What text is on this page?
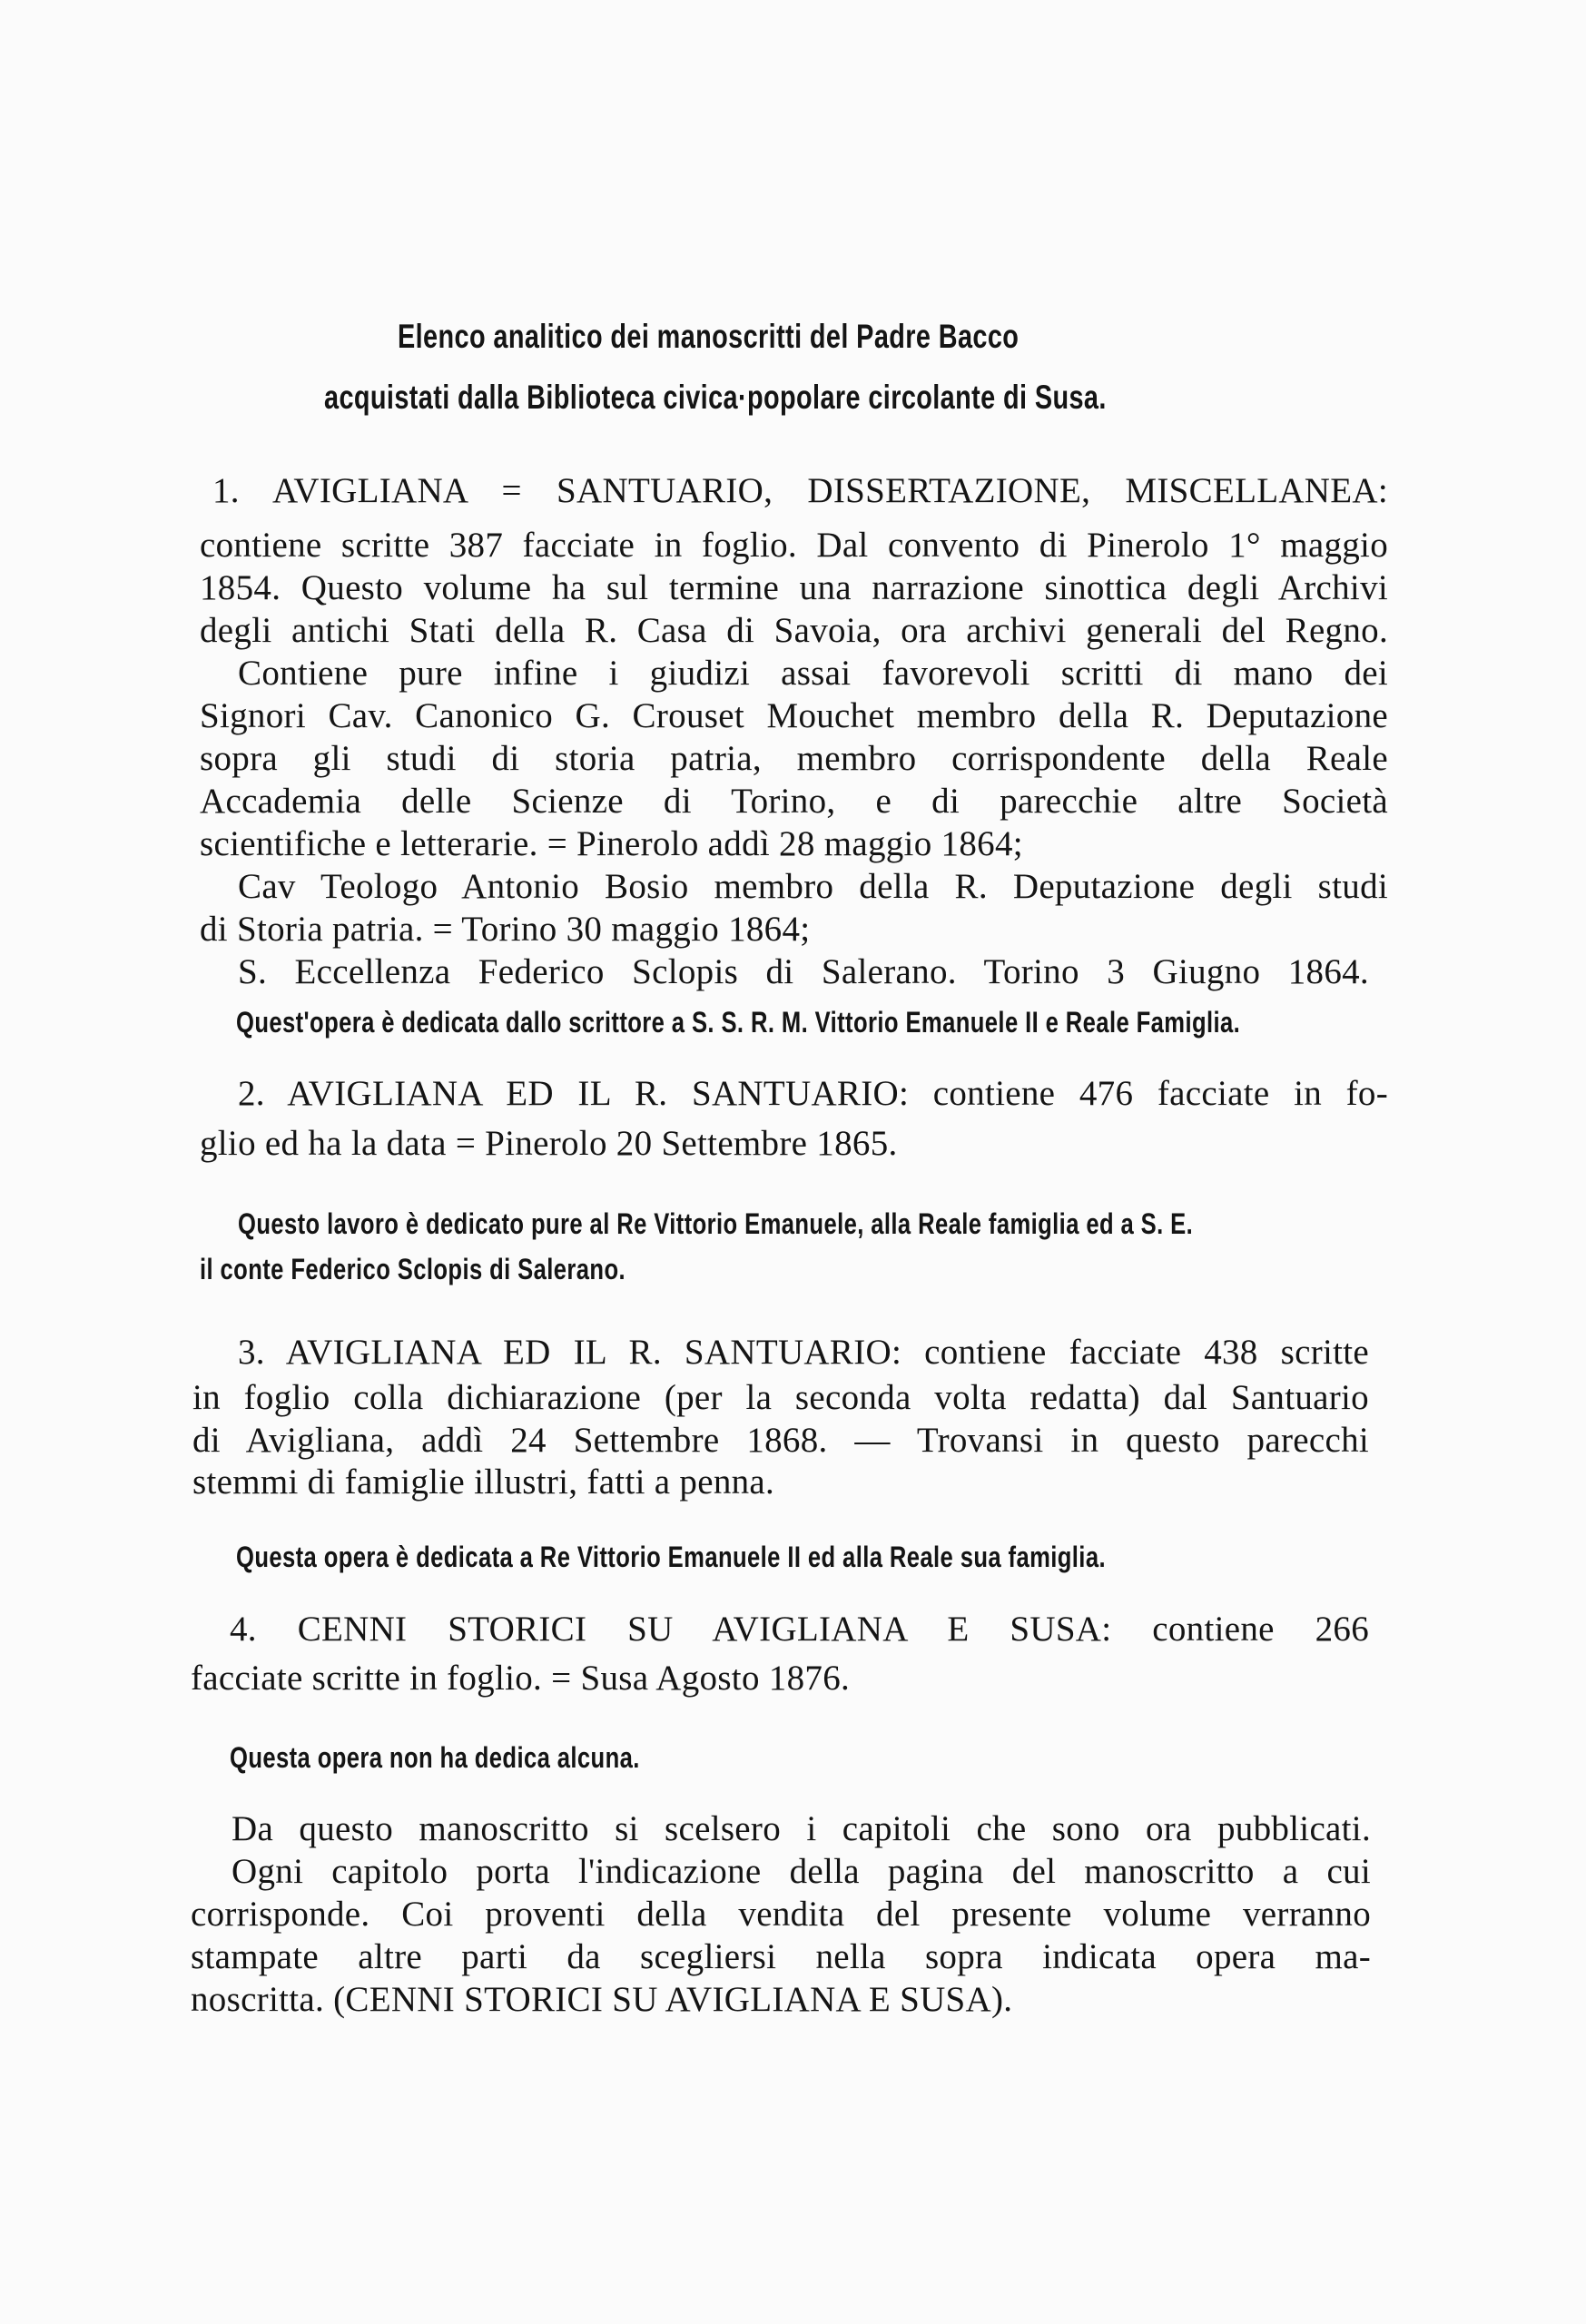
Elenco analitico dei manoscritti del Padre Bacco
acquistati dalla Biblioteca civica·popolare circolante di Susa.
1. AVIGLIANA = SANTUARIO, DISSERTAZIONE, MISCELLANEA:
contiene scritte 387 facciate in foglio. Dal convento di Pinerolo 1° maggio
1854. Questo volume ha sul termine una narrazione sinottica degli Archivi
degli antichi Stati della R. Casa di Savoia, ora archivi generali del Regno.
Contiene pure infine i giudizi assai favorevoli scritti di mano dei
Signori Cav. Canonico G. Crouset Mouchet membro della R. Deputazione
sopra gli studi di storia patria, membro corrispondente della Reale
Accademia delle Scienze di Torino, e di parecchie altre Società
scientifiche e letterarie. = Pinerolo addì 28 maggio 1864;
Cav Teologo Antonio Bosio membro della R. Deputazione degli studi
di Storia patria. = Torino 30 maggio 1864;
S. Eccellenza Federico Sclopis di Salerano. Torino 3 Giugno 1864.
Quest'opera è dedicata dallo scrittore a S. S. R. M. Vittorio Emanuele II e Reale Famiglia.
2. AVIGLIANA ED IL R. SANTUARIO: contiene 476 facciate in fo-
glio ed ha la data = Pinerolo 20 Settembre 1865.
Questo lavoro è dedicato pure al Re Vittorio Emanuele, alla Reale famiglia ed a S. E.
il conte Federico Sclopis di Salerano.
3. AVIGLIANA ED IL R. SANTUARIO: contiene facciate 438 scritte
in foglio colla dichiarazione (per la seconda volta redatta) dal Santuario
di Avigliana, addì 24 Settembre 1868. — Trovansi in questo parecchi
stemmi di famiglie illustri, fatti a penna.
Questa opera è dedicata a Re Vittorio Emanuele II ed alla Reale sua famiglia.
4. CENNI STORICI SU AVIGLIANA E SUSA: contiene 266
facciate scritte in foglio. = Susa Agosto 1876.
Questa opera non ha dedica alcuna.
Da questo manoscritto si scelsero i capitoli che sono ora pubblicati.
Ogni capitolo porta l'indicazione della pagina del manoscritto a cui
corrisponde. Coi proventi della vendita del presente volume verranno
stampate altre parti da scegliersi nella sopra indicata opera ma-
noscritta. (CENNI STORICI SU AVIGLIANA E SUSA).
